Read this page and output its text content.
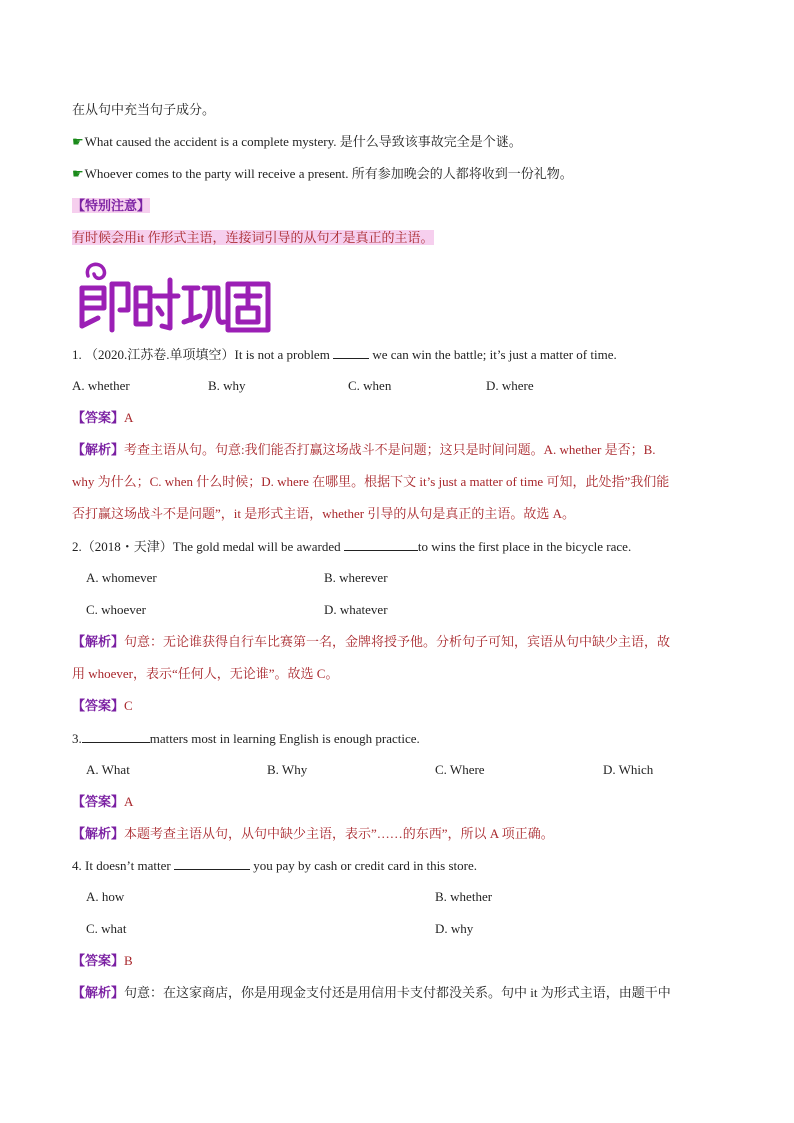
在从句中充当句子成分。
☛What caused the accident is a complete mystery. 是什么导致该事故完全是个谜。
☛Whoever comes to the party will receive a present. 所有参加晚会的人都将收到一份礼物。
【特别注意】
有时候会用it 作形式主语，连接词引导的从句才是真正的主语。
1. （2020.江苏卷.单项填空）It is not a problem	we can win the battle; it’s just a matter of time.
A. whether	B. why	C. when	D. where
【答案】A
【解析】考查主语从句。句意:我们能否打赢这场战斗不是问题；这只是时间问题。A. whether 是否；B.
why 为什么；C. when 什么时候；D. where 在哪里。根据下文 it’s just a matter of time 可知，此处指”我们能
否打赢这场战斗不是问题”，it 是形式主语，whether 引导的从句是真正的主语。故选 A。
2.（2018・天津）The gold medal will be awarded	to wins the first place in the bicycle race.
A. whomever	B. wherever
C. whoever	D. whatever
【解析】句意：无论谁获得自行车比赛第一名，金牌将授予他。分析句子可知，宾语从句中缺少主语，故
用 whoever，表示“任何人，无论谁”。故选 C。
【答案】C
3.	matters most in learning English is enough practice.
A. What	B. Why	C. Where	D. Which
【答案】A
【解析】本题考查主语从句，从句中缺少主语，表示”……的东西”，所以 A 项正确。
4. It doesn’t matter	you pay by cash or credit card in this store.
A. how	B. whether
C. what	D. why
【答案】B
【解析】句意：在这家商店，你是用现金支付还是用信用卡支付都没关系。句中 it 为形式主语，由题干中
